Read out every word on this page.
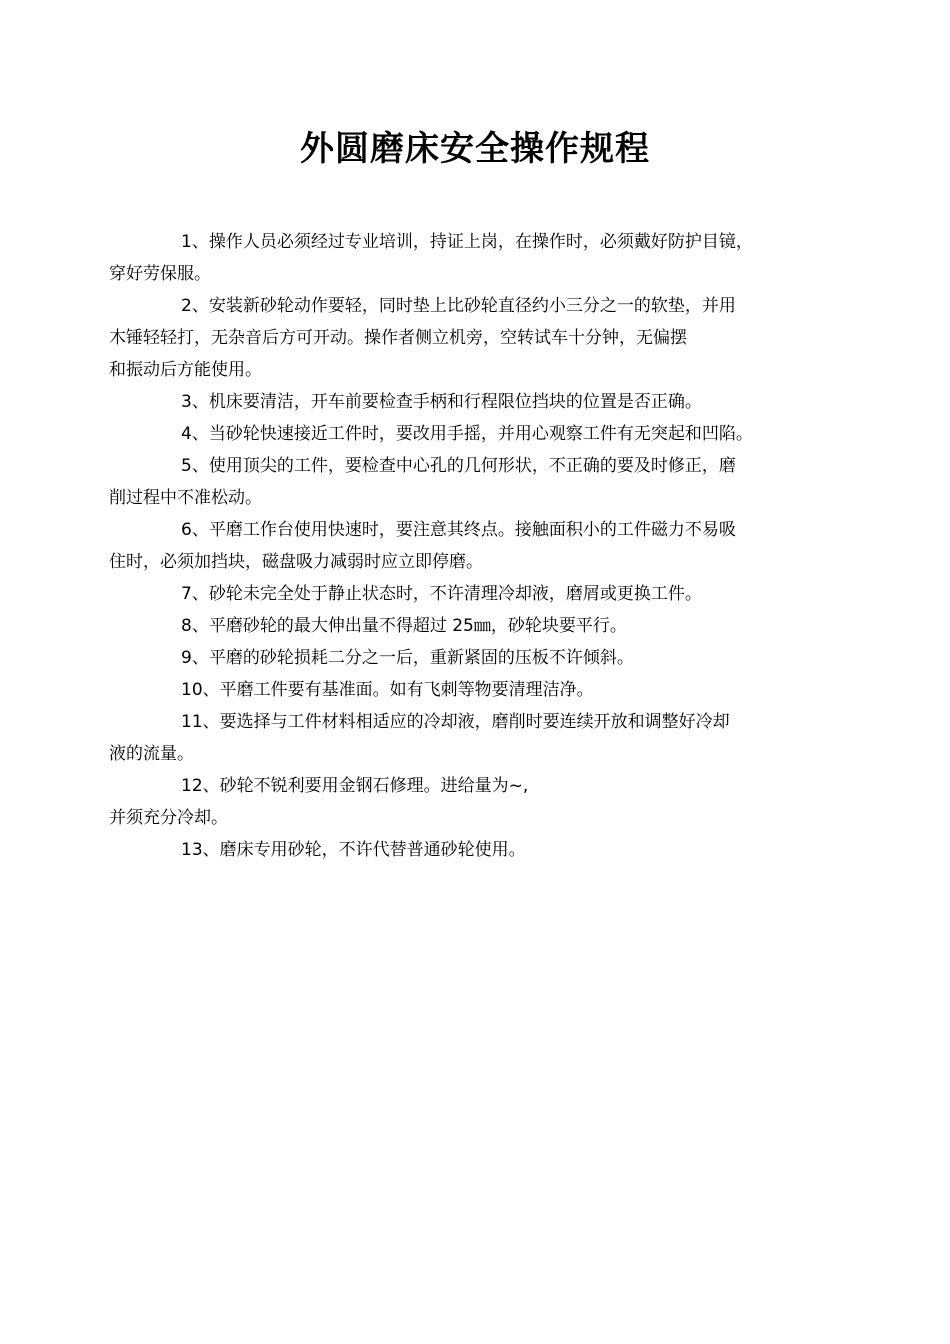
外圆磨床安全操作规程

1、操作人员必须经过专业培训，持证上岗，在操作时，必须戴好防护目镜，
穿好劳保服。

2、安装新砂轮动作要轻，同时垫上比砂轮直径约小三分之一的软垫，并用
木锤轻轻打，无杂音后方可开动。操作者侧立机旁，空转试车十分钟，无偏摆
和振动后方能使用。

3、机床要清洁，开车前要检查手柄和行程限位挡块的位置是否正确。

4、当砂轮快速接近工件时，要改用手摇，并用心观察工件有无突起和凹陷。

5、使用顶尖的工件，要检查中心孔的几何形状，不正确的要及时修正，磨
削过程中不准松动。

6、平磨工作台使用快速时，要注意其终点。接触面积小的工件磁力不易吸
住时，必须加挡块，磁盘吸力减弱时应立即停磨。

7、砂轮未完全处于静止状态时，不许清理冷却液，磨屑或更换工件。

8、平磨砂轮的最大伸出量不得超过 25㎜，砂轮块要平行。

9、平磨的砂轮损耗二分之一后，重新紧固的压板不许倾斜。

10、平磨工件要有基准面。如有飞刺等物要清理洁净。

11、要选择与工件材料相适应的冷却液，磨削时要连续开放和调整好冷却
液的流量。

12、砂轮不锐利要用金钢石修理。进给量为~,
并须充分冷却。

13、磨床专用砂轮，不许代替普通砂轮使用。
